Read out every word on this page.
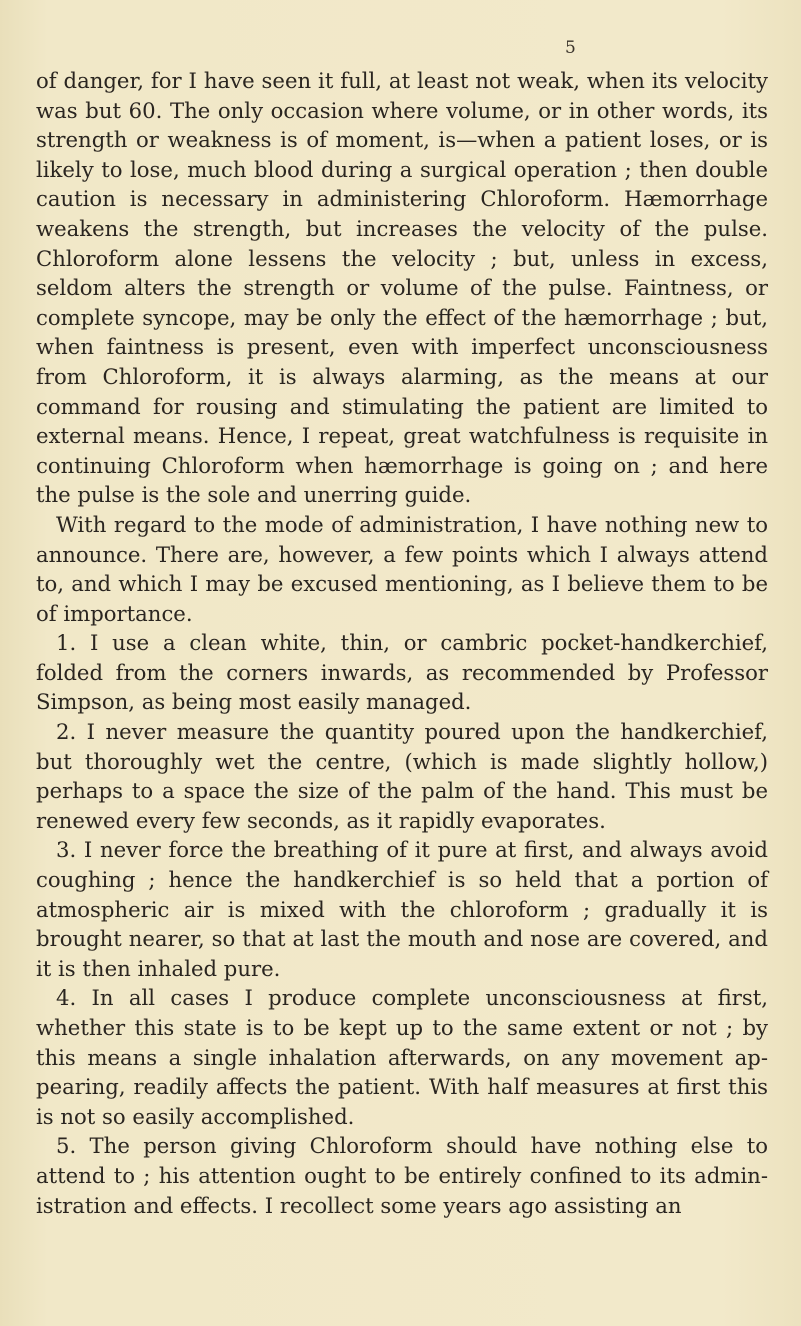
5

of danger, for I have seen it full, at least not weak, when its velocity was but 60. The only occasion where volume, or in other words, its strength or weakness is of moment, is—when a patient loses, or is likely to lose, much blood during a surgical operation ; then double caution is necessary in administering Chloroform. Hæmorrhage weakens the strength, but increases the velocity of the pulse. Chloroform alone lessens the velocity ; but, unless in excess, seldom alters the strength or volume of the pulse. Faintness, or complete syncope, may be only the effect of the hæmorrhage ; but, when faintness is present, even with imperfect unconsciousness from Chloroform, it is always alarming, as the means at our command for rousing and stimulating the patient are limited to external means. Hence, I repeat, great watchfulness is requisite in continuing Chloroform when hæmorrhage is going on ; and here the pulse is the sole and unerring guide.

With regard to the mode of administration, I have nothing new to announce. There are, however, a few points which I always attend to, and which I may be excused mentioning, as I believe them to be of importance.

1. I use a clean white, thin, or cambric pocket-handkerchief, folded from the corners inwards, as recommended by Professor Simpson, as being most easily managed.

2. I never measure the quantity poured upon the handkerchief, but thoroughly wet the centre, (which is made slightly hollow,) perhaps to a space the size of the palm of the hand. This must be renewed every few seconds, as it rapidly evaporates.

3. I never force the breathing of it pure at first, and always avoid coughing ; hence the handkerchief is so held that a portion of atmospheric air is mixed with the chloroform ; gradually it is brought nearer, so that at last the mouth and nose are covered, and it is then inhaled pure.

4. In all cases I produce complete unconsciousness at first, whether this state is to be kept up to the same extent or not ; by this means a single inhalation afterwards, on any movement appearing, readily affects the patient. With half measures at first this is not so easily accomplished.

5. The person giving Chloroform should have nothing else to attend to ; his attention ought to be entirely confined to its administration and effects. I recollect some years ago assisting an
